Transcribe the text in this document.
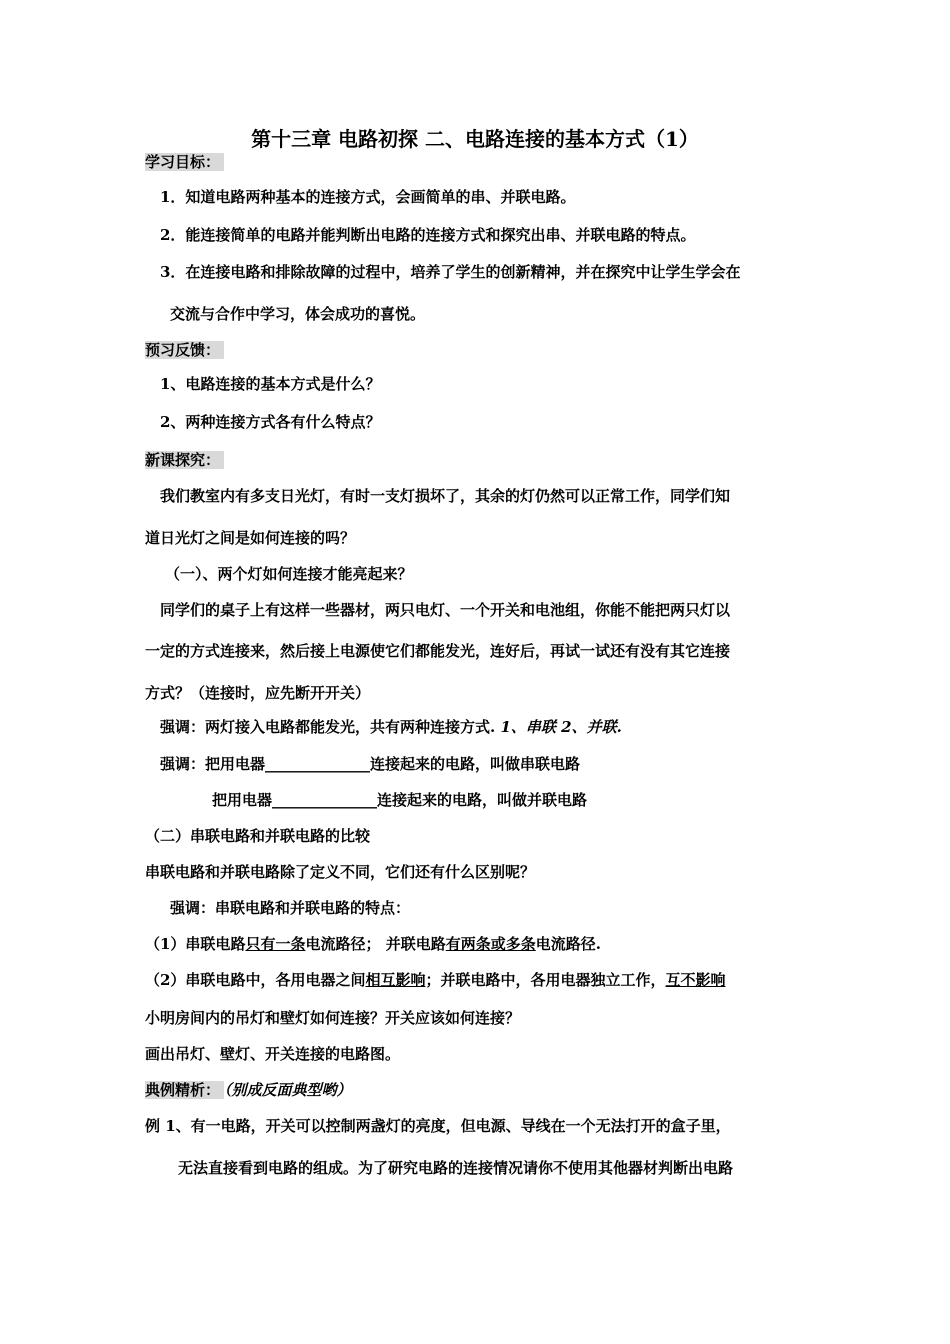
第十三章 电路初探 二、电路连接的基本方式（1）
学习目标：
1．知道电路两种基本的连接方式，会画简单的串、并联电路。
2．能连接简单的电路并能判断出电路的连接方式和探究出串、并联电路的特点。
3．在连接电路和排除故障的过程中，培养了学生的创新精神，并在探究中让学生学会在
交流与合作中学习，体会成功的喜悦。
预习反馈：
1、电路连接的基本方式是什么？
2、两种连接方式各有什么特点？
新课探究：
我们教室内有多支日光灯，有时一支灯损坏了，其余的灯仍然可以正常工作，同学们知
道日光灯之间是如何连接的吗？
（一）、两个灯如何连接才能亮起来？
同学们的桌子上有这样一些器材，两只电灯、一个开关和电池组，你能不能把两只灯以
一定的方式连接来，然后接上电源使它们都能发光，连好后，再试一试还有没有其它连接
方式？（连接时，应先断开开关）
强调：两灯接入电路都能发光，共有两种连接方式. 1、串联 2、并联.
强调：把用电器______________连接起来的电路，叫做串联电路
把用电器______________连接起来的电路，叫做并联电路
（二）串联电路和并联电路的比较
串联电路和并联电路除了定义不同，它们还有什么区别呢？
强调：串联电路和并联电路的特点：
（1）串联电路只有一条电流路径； 并联电路有两条或多条电流路径.
（2）串联电路中，各用电器之间相互影响；并联电路中，各用电器独立工作，互不影响
小明房间内的吊灯和壁灯如何连接？开关应该如何连接？
画出吊灯、壁灯、开关连接的电路图。
典例精析： （别成反面典型哟）
例 1、有一电路，开关可以控制两盏灯的亮度，但电源、导线在一个无法打开的盒子里，
无法直接看到电路的组成。为了研究电路的连接情况请你不使用其他器材判断出电路
